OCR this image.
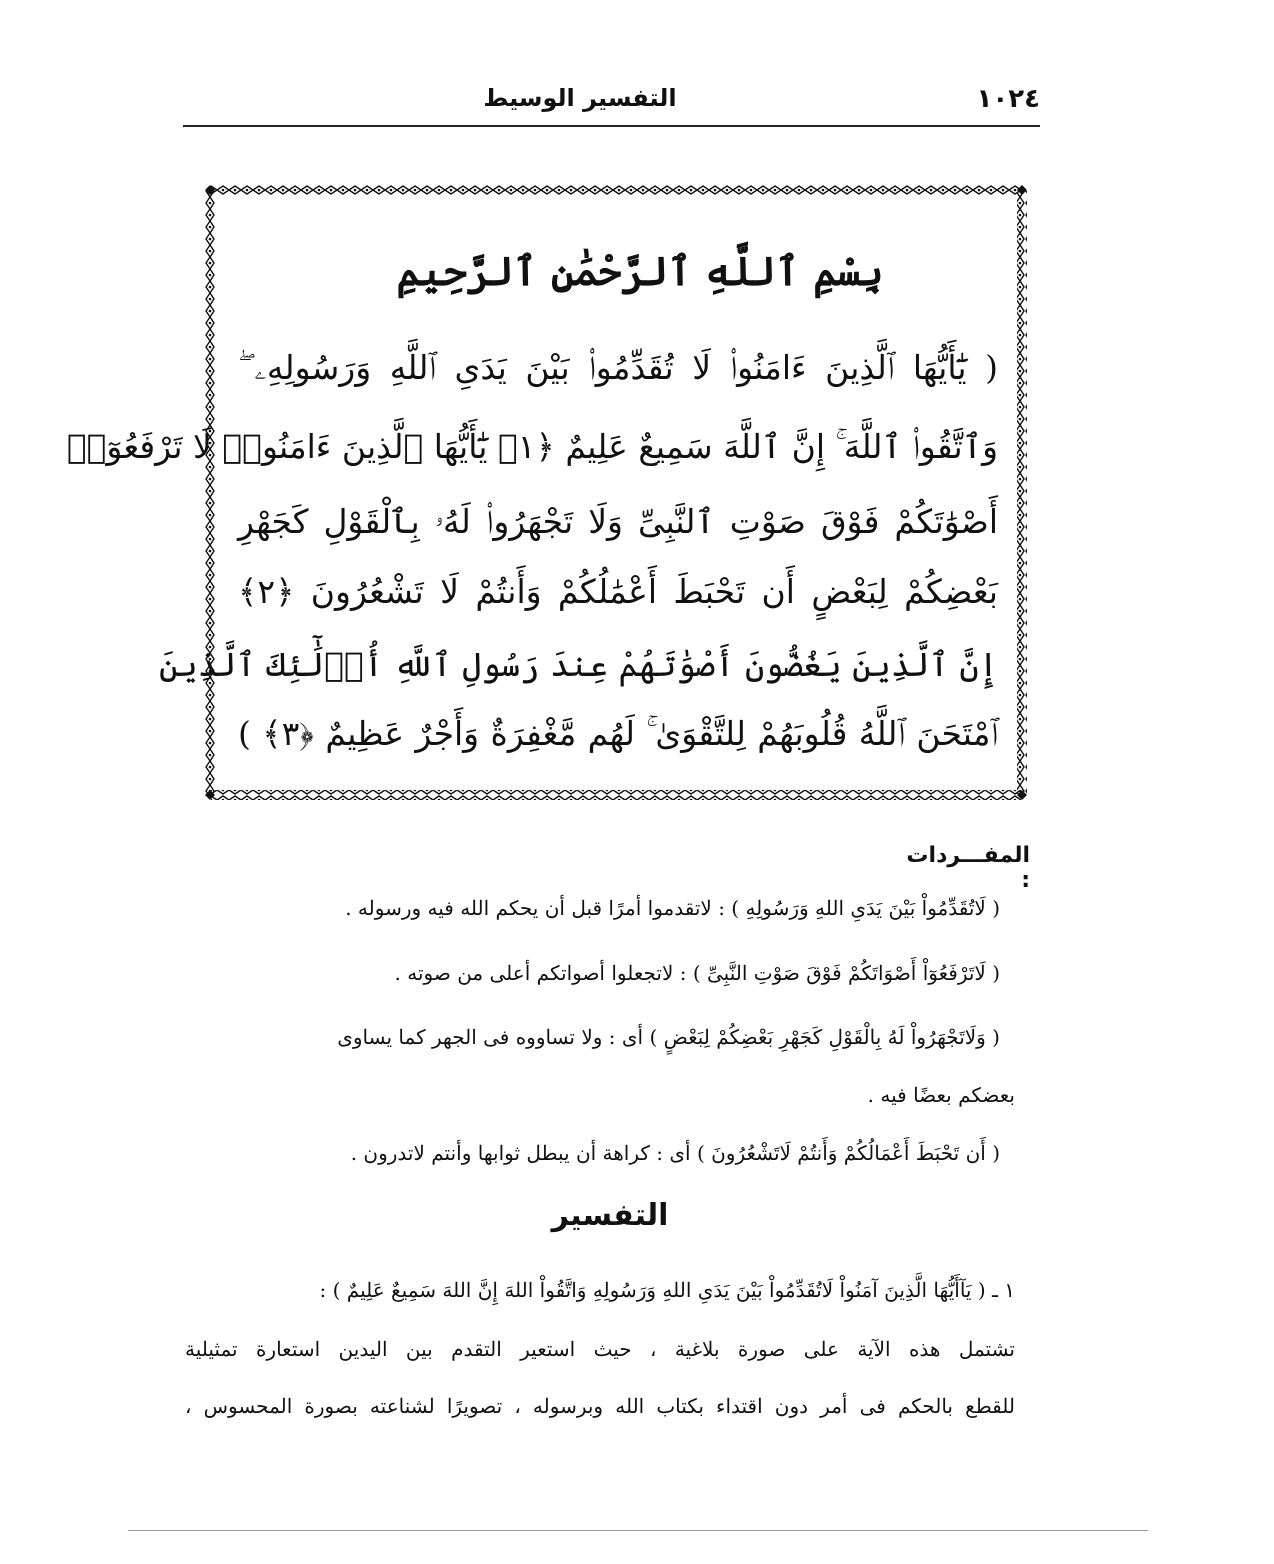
١٠٢٤
التفسير الوسيط
بِسْمِ ٱللَّهِ ٱلرَّحْمَٰنِ ٱلرَّحِيمِ
( يَٰٓأَيُّهَا ٱلَّذِينَ ءَامَنُوا۟ لَا تُقَدِّمُوا۟ بَيْنَ يَدَىِ ٱللَّهِ وَرَسُولِهِۦ ۖ
وَٱتَّقُوا۟ ٱللَّهَ ۚ إِنَّ ٱللَّهَ سَمِيعٌ عَلِيمٌ ﴿١﴾ يَٰٓأَيُّهَا ٱلَّذِينَ ءَامَنُوا۟ لَا تَرْفَعُوٓا۟
أَصْوَٰتَكُمْ فَوْقَ صَوْتِ ٱلنَّبِىِّ وَلَا تَجْهَرُوا۟ لَهُۥ بِٱلْقَوْلِ كَجَهْرِ
بَعْضِكُمْ لِبَعْضٍ أَن تَحْبَطَ أَعْمَٰلُكُمْ وَأَنتُمْ لَا تَشْعُرُونَ ﴿٢﴾
إِنَّ ٱلَّذِينَ يَغُضُّونَ أَصْوَٰتَهُمْ عِندَ رَسُولِ ٱللَّهِ أُو۟لَٰٓئِكَ ٱلَّذِينَ
ٱمْتَحَنَ ٱللَّهُ قُلُوبَهُمْ لِلتَّقْوَىٰ ۚ لَهُم مَّغْفِرَةٌ وَأَجْرٌ عَظِيمٌ ﴿٣﴾ )
المفـــردات :
( لَاتُقَدِّمُواْ بَيْنَ يَدَىِ اللهِ وَرَسُولِهِ ) : لاتقدموا أمرًا قبل أن يحكم الله فيه ورسوله .
( لَاتَرْفَعُوٓاْ أَصْوَاتَكُمْ فَوْقَ صَوْتِ النَّبِىِّ ) : لاتجعلوا أصواتكم أعلى من صوته .
( وَلَاتَجْهَرُواْ لَهُ بِالْقَوْلِ كَجَهْرِ بَعْضِكُمْ لِبَعْضٍ ) أى : ولا تساووه فى الجهر كما يساوى
بعضكم بعضًا فيه .
( أَن تَحْبَطَ أَعْمَالُكُمْ وَأَنتُمْ لَاتَشْعُرُونَ ) أى : كراهة أن يبطل ثوابها وأنتم لاتدرون .
التفسير
١ ـ ( يَآأَيُّهَا الَّذِينَ آمَنُواْ لَاتُقَدِّمُواْ بَيْنَ يَدَىِ اللهِ وَرَسُولِهِ وَاتَّقُواْ اللهَ إِنَّ اللهَ سَمِيعٌ عَلِيمٌ ) :
تشتمل هذه الآية على صورة بلاغية ، حيث استعير التقدم بين اليدين استعارة تمثيلية
للقطع بالحكم فى أمر دون اقتداء بكتاب الله وبرسوله ، تصويرًا لشناعته بصورة المحسوس ،
